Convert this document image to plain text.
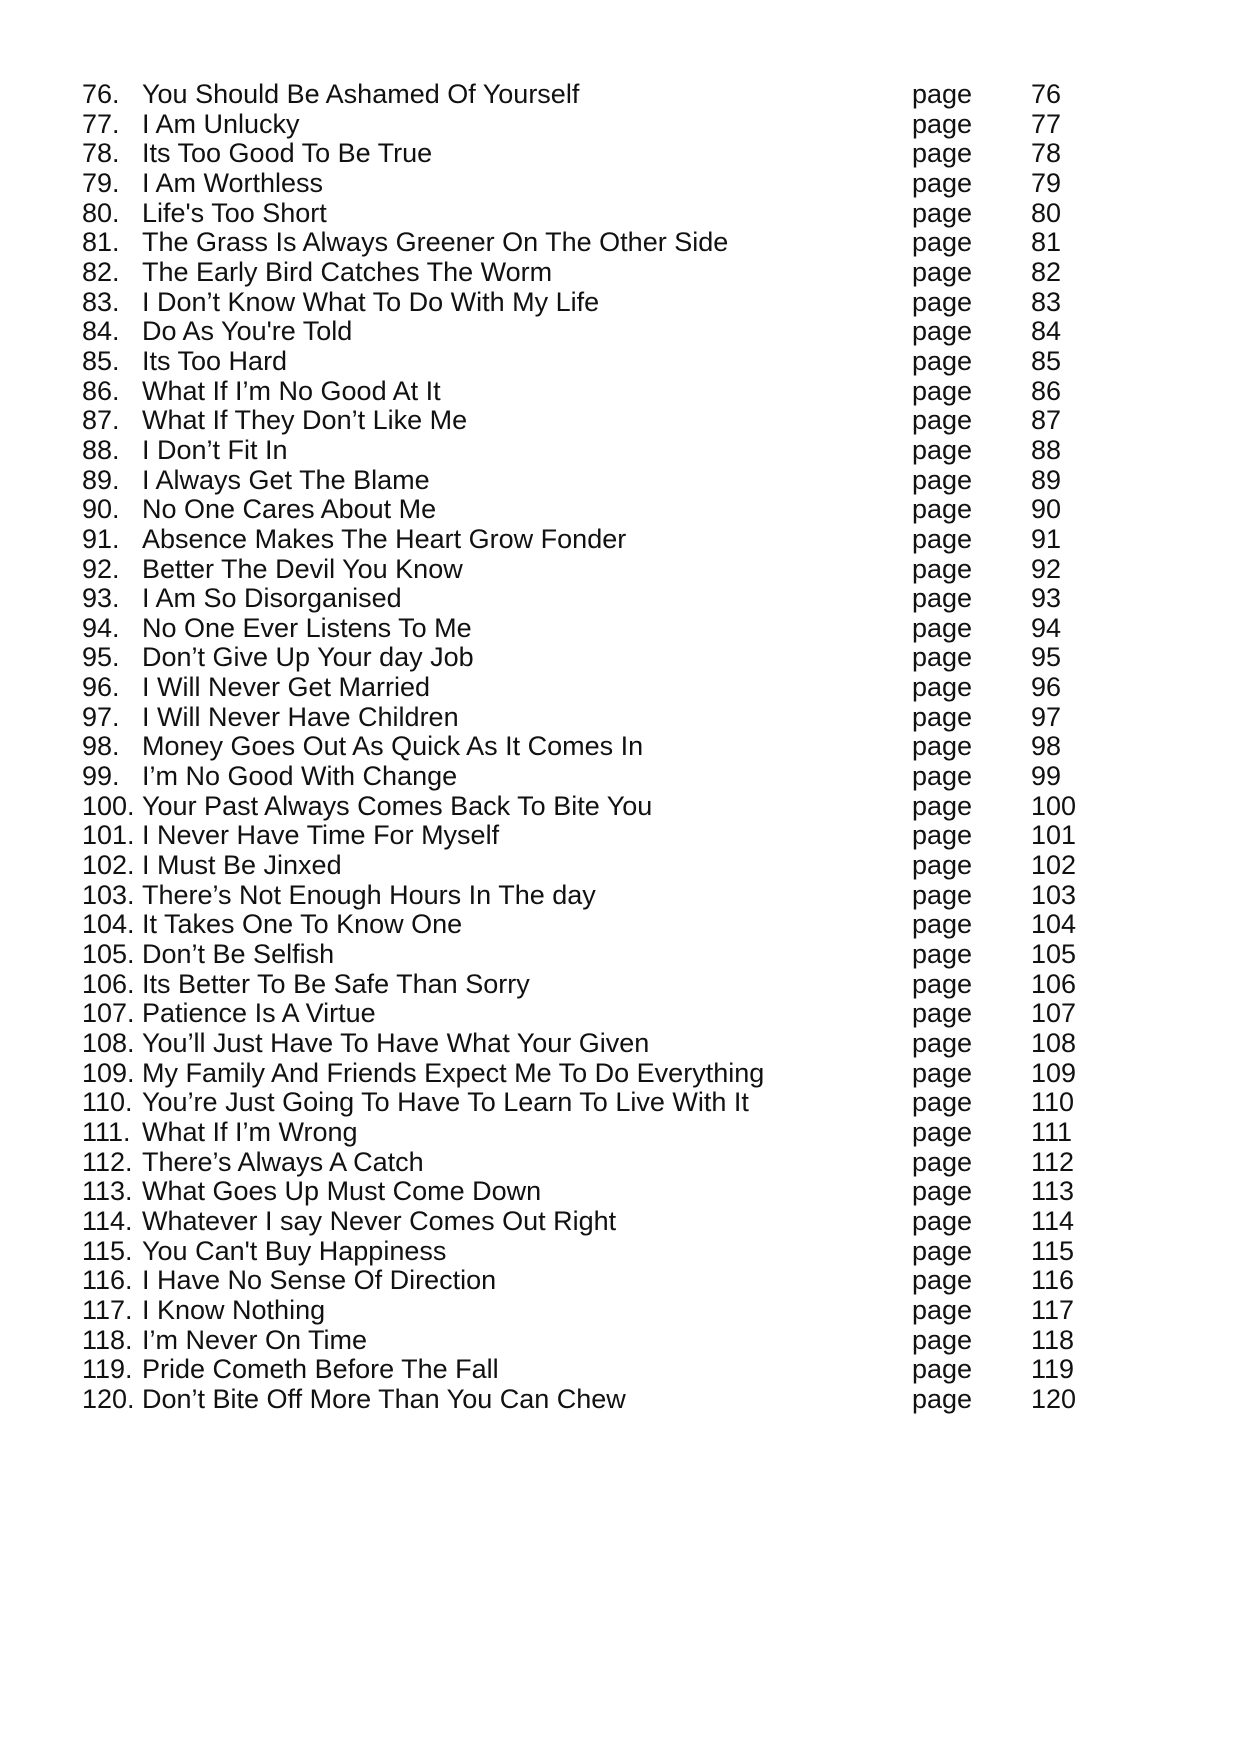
76. You Should Be Ashamed Of Yourself	page 76
77. I Am Unlucky	page 77
78. Its Too Good To Be True	page 78
79. I Am Worthless	page 79
80. Life's Too Short	page 80
81. The Grass Is Always Greener On The Other Side	page 81
82. The Early Bird Catches The Worm	page 82
83. I Don’t Know What To Do With My Life	page 83
84. Do As You're Told	page 84
85. Its Too Hard	page 85
86. What If I’m No Good At It	page 86
87. What If They Don’t Like Me	page 87
88. I Don’t Fit In	page 88
89. I Always Get The Blame	page 89
90. No One Cares About Me	page 90
91. Absence Makes The Heart Grow Fonder	page 91
92. Better The Devil You Know	page 92
93. I Am So Disorganised	page 93
94. No One Ever Listens To Me	page 94
95. Don’t Give Up Your day Job	page 95
96. I Will Never Get Married	page 96
97. I Will Never Have Children	page 97
98. Money Goes Out As Quick As It Comes In	page 98
99. I’m No Good With Change	page 99
100. Your Past Always Comes Back To Bite You	page 100
101. I Never Have Time For Myself	page 101
102. I Must Be Jinxed	page 102
103. There’s Not Enough Hours In The day	page 103
104. It Takes One To Know One	page 104
105. Don’t Be Selfish	page 105
106. Its Better To Be Safe Than Sorry	page 106
107. Patience Is A Virtue	page 107
108. You’ll Just Have To Have What Your Given	page 108
109. My Family And Friends Expect Me To Do Everything	page 109
110. You’re Just Going To Have To Learn To Live With It	page 110
111. What If I’m Wrong	page 111
112. There’s Always A Catch	page 112
113. What Goes Up Must Come Down	page 113
114. Whatever I say Never Comes Out Right	page 114
115. You Can't Buy Happiness	page 115
116. I Have No Sense Of Direction	page 116
117. I Know Nothing	page 117
118. I’m Never On Time	page 118
119. Pride Cometh Before The Fall	page 119
120. Don’t Bite Off More Than You Can Chew	page 120
